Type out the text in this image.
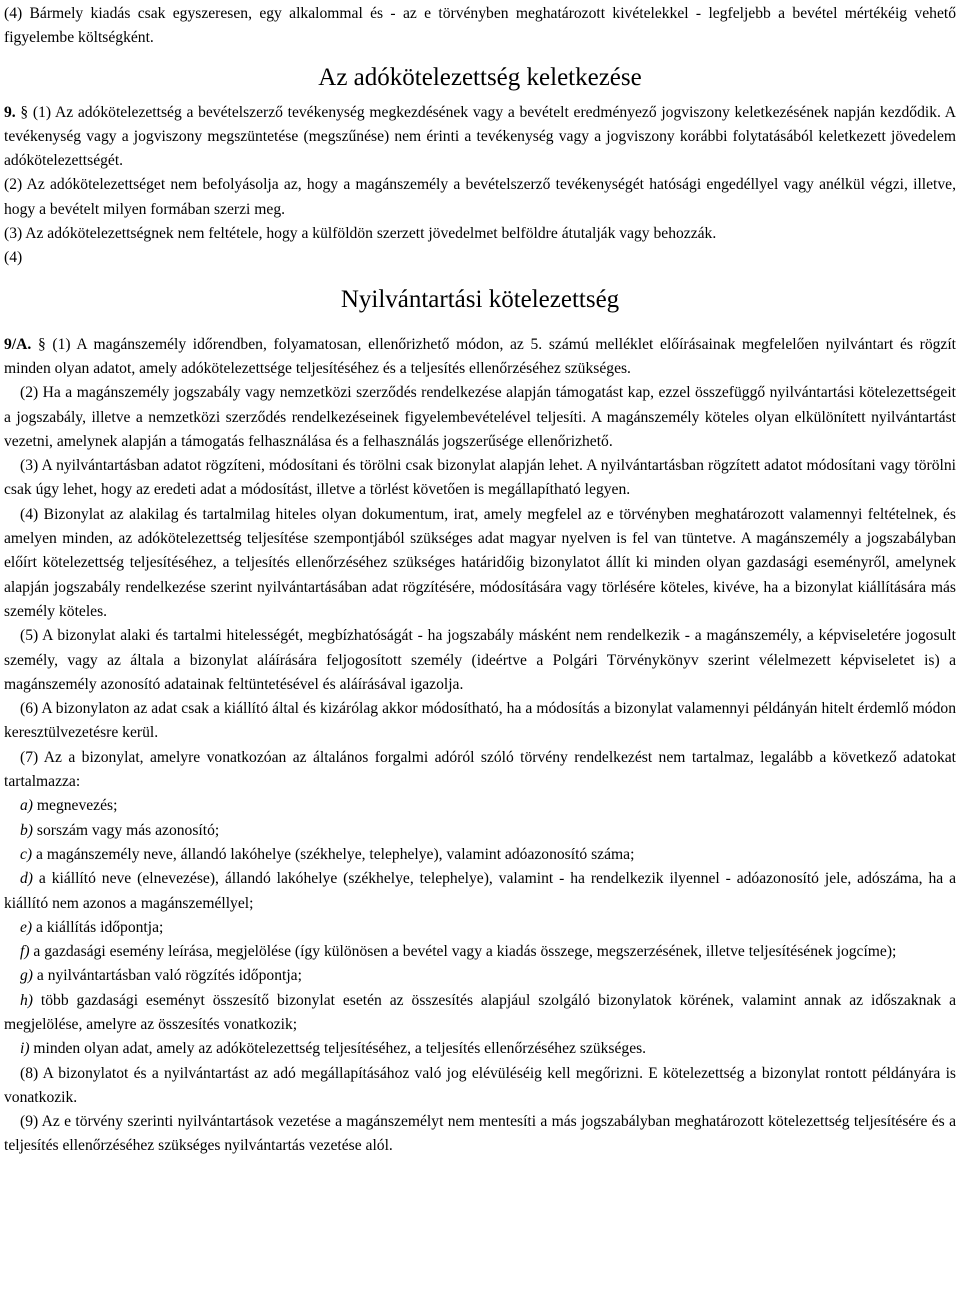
(4) Bármely kiadás csak egyszeresen, egy alkalommal és - az e törvényben meghatározott kivételekkel - legfeljebb a bevétel mértékéig vehető figyelembe költségként.

Az adókötelezettség keletkezése

9. § (1) Az adókötelezettség a bevételszerző tevékenység megkezdésének vagy a bevételt eredményező jogviszony keletkezésének napján kezdődik. A tevékenység vagy a jogviszony megszüntetése (megszűnése) nem érinti a tevékenység vagy a jogviszony korábbi folytatásából keletkezett jövedelem adókötelezettségét.

(2) Az adókötelezettséget nem befolyásolja az, hogy a magánszemély a bevételszerző tevékenységét hatósági engedéllyel vagy anélkül végzi, illetve, hogy a bevételt milyen formában szerzi meg.

(3) Az adókötelezettségnek nem feltétele, hogy a külföldön szerzett jövedelmet belföldre átutalják vagy behozzák.

(4)

Nyilvántartási kötelezettség

9/A. § (1) A magánszemély időrendben, folyamatosan, ellenőrizhető módon, az 5. számú melléklet előírásainak megfelelően nyilvántart és rögzít minden olyan adatot, amely adókötelezettsége teljesítéséhez és a teljesítés ellenőrzéséhez szükséges.

(2) Ha a magánszemély jogszabály vagy nemzetközi szerződés rendelkezése alapján támogatást kap, ezzel összefüggő nyilvántartási kötelezettségeit a jogszabály, illetve a nemzetközi szerződés rendelkezéseinek figyelembevételével teljesíti. A magánszemély köteles olyan elkülönített nyilvántartást vezetni, amelynek alapján a támogatás felhasználása és a felhasználás jogszerűsége ellenőrizhető.

(3) A nyilvántartásban adatot rögzíteni, módosítani és törölni csak bizonylat alapján lehet. A nyilvántartásban rögzített adatot módosítani vagy törölni csak úgy lehet, hogy az eredeti adat a módosítást, illetve a törlést követően is megállapítható legyen.

(4) Bizonylat az alakilag és tartalmilag hiteles olyan dokumentum, irat, amely megfelel az e törvényben meghatározott valamennyi feltételnek, és amelyen minden, az adókötelezettség teljesítése szempontjából szükséges adat magyar nyelven is fel van tüntetve. A magánszemély a jogszabályban előírt kötelezettség teljesítéséhez, a teljesítés ellenőrzéséhez szükséges határidőig bizonylatot állít ki minden olyan gazdasági eseményről, amelynek alapján jogszabály rendelkezése szerint nyilvántartásában adat rögzítésére, módosítására vagy törlésére köteles, kivéve, ha a bizonylat kiállítására más személy köteles.

(5) A bizonylat alaki és tartalmi hitelességét, megbízhatóságát - ha jogszabály másként nem rendelkezik - a magánszemély, a képviseletére jogosult személy, vagy az általa a bizonylat aláírására feljogosított személy (ideértve a Polgári Törvénykönyv szerint vélelmezett képviseletet is) a magánszemély azonosító adatainak feltüntetésével és aláírásával igazolja.

(6) A bizonylaton az adat csak a kiállító által és kizárólag akkor módosítható, ha a módosítás a bizonylat valamennyi példányán hitelt érdemlő módon keresztülvezetésre kerül.

(7) Az a bizonylat, amelyre vonatkozóan az általános forgalmi adóról szóló törvény rendelkezést nem tartalmaz, legalább a következő adatokat tartalmazza:

a) megnevezés;

b) sorszám vagy más azonosító;

c) a magánszemély neve, állandó lakóhelye (székhelye, telephelye), valamint adóazonosító száma;

d) a kiállító neve (elnevezése), állandó lakóhelye (székhelye, telephelye), valamint - ha rendelkezik ilyennel - adóazonosító jele, adószáma, ha a kiállító nem azonos a magánszeméllyel;

e) a kiállítás időpontja;

f) a gazdasági esemény leírása, megjelölése (így különösen a bevétel vagy a kiadás összege, megszerzésének, illetve teljesítésének jogcíme);

g) a nyilvántartásban való rögzítés időpontja;

h) több gazdasági eseményt összesítő bizonylat esetén az összesítés alapjául szolgáló bizonylatok körének, valamint annak az időszaknak a megjelölése, amelyre az összesítés vonatkozik;

i) minden olyan adat, amely az adókötelezettség teljesítéséhez, a teljesítés ellenőrzéséhez szükséges.

(8) A bizonylatot és a nyilvántartást az adó megállapításához való jog elévüléséig kell megőrizni. E kötelezettség a bizonylat rontott példányára is vonatkozik.

(9) Az e törvény szerinti nyilvántartások vezetése a magánszemélyt nem mentesíti a más jogszabályban meghatározott kötelezettség teljesítésére és a teljesítés ellenőrzéséhez szükséges nyilvántartás vezetése alól.
